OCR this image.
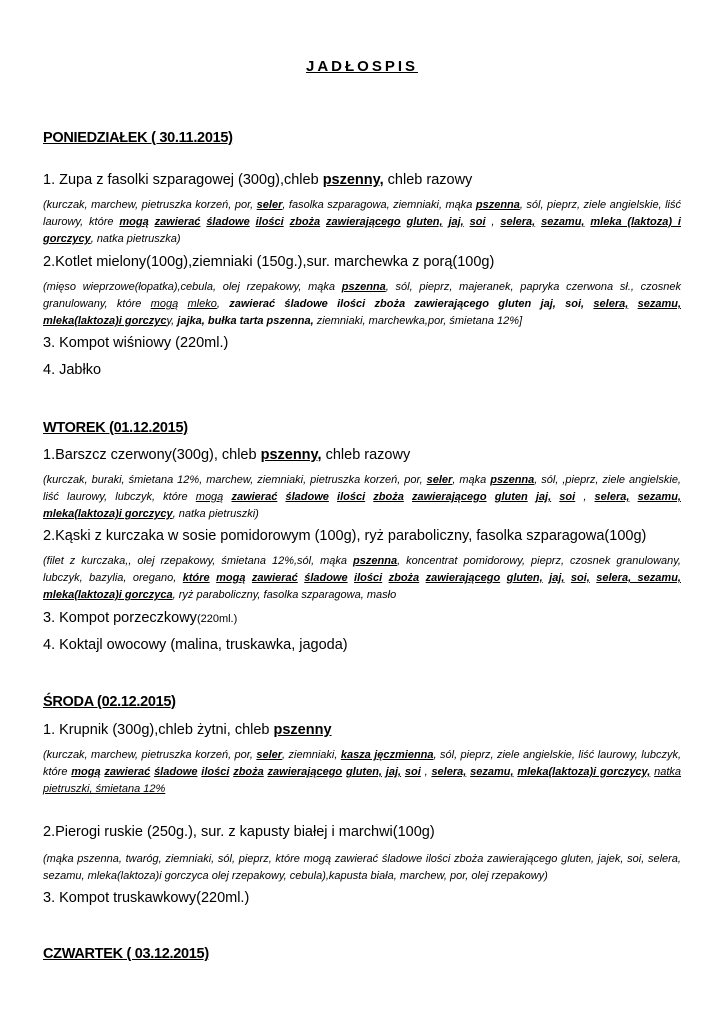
JADŁOSPIS
PONIEDZIAŁEK ( 30.11.2015)
1. Zupa z fasolki szparagowej (300g),chleb pszenny, chleb razowy
(kurczak, marchew, pietruszka korzeń, por, seler, fasolka szparagowa, ziemniaki, mąka pszenna, sól, pieprz, ziele angielskie, liść laurowy, które mogą zawierać śladowe ilości zboża zawierającego gluten, jaj, soi , selera, sezamu, mleka (laktoza) i gorczycy, natka pietruszka)
2.Kotlet mielony(100g),ziemniaki (150g.),sur. marchewka z porą(100g)
(mięso wieprzowe(łopatka),cebula, olej rzepakowy, mąka pszenna, sól, pieprz, majeranek, papryka czerwona sł., czosnek granulowany, które mogą mleko, zawierać śladowe ilości zboża zawierającego gluten jaj, soi, selera, sezamu, mleka(laktoza)i gorczycy, jajka, bułka tarta pszenna, ziemniaki, marchewka,por, śmietana 12%]
3. Kompot wiśniowy (220ml.)
4. Jabłko
WTOREK (01.12.2015)
1.Barszcz czerwony(300g), chleb pszenny, chleb razowy
(kurczak, buraki, śmietana 12%, marchew, ziemniaki, pietruszka korzeń, por, seler, mąka pszenna, sól, ,pieprz, ziele angielskie, liść laurowy, lubczyk, które mogą zawierać śladowe ilości zboża zawierającego gluten jaj, soi , selera, sezamu, mleka(laktoza)i gorczycy, natka pietruszki)
2.Kąski z kurczaka w sosie pomidorowym (100g), ryż paraboliczny, fasolka szparagowa(100g)
(filet z kurczaka,, olej rzepakowy, śmietana 12%,sól, mąka pszenna, koncentrat pomidorowy, pieprz, czosnek granulowany, lubczyk, bazylia, oregano, które mogą zawierać śladowe ilości zboża zawierającego gluten, jaj, soi, selera, sezamu, mleka(laktoza)i gorczyca, ryż paraboliczny, fasolka szparagowa, masło
3. Kompot porzeczkowy(220ml.)
4. Koktajl owocowy (malina, truskawka, jagoda)
ŚRODA (02.12.2015)
1. Krupnik (300g),chleb żytni, chleb pszenny
(kurczak, marchew, pietruszka korzeń, por, seler, ziemniaki, kasza jęczmienna, sól, pieprz, ziele angielskie, liść laurowy, lubczyk, które mogą zawierać śladowe ilości zboża zawierającego gluten, jaj, soi , selera, sezamu, mleka(laktoza)i gorczycy, natka pietruszki, śmietana 12%
2.Pierogi ruskie (250g.), sur. z kapusty białej i marchwi(100g)
(mąka pszenna, twaróg, ziemniaki, sól, pieprz, które mogą zawierać śladowe ilości zboża zawierającego gluten, jajek, soi, selera, sezamu, mleka(laktoza)i gorczyca olej rzepakowy, cebula),kapusta biała, marchew, por, olej rzepakowy)
3. Kompot truskawkowy(220ml.)
CZWARTEK ( 03.12.2015)
